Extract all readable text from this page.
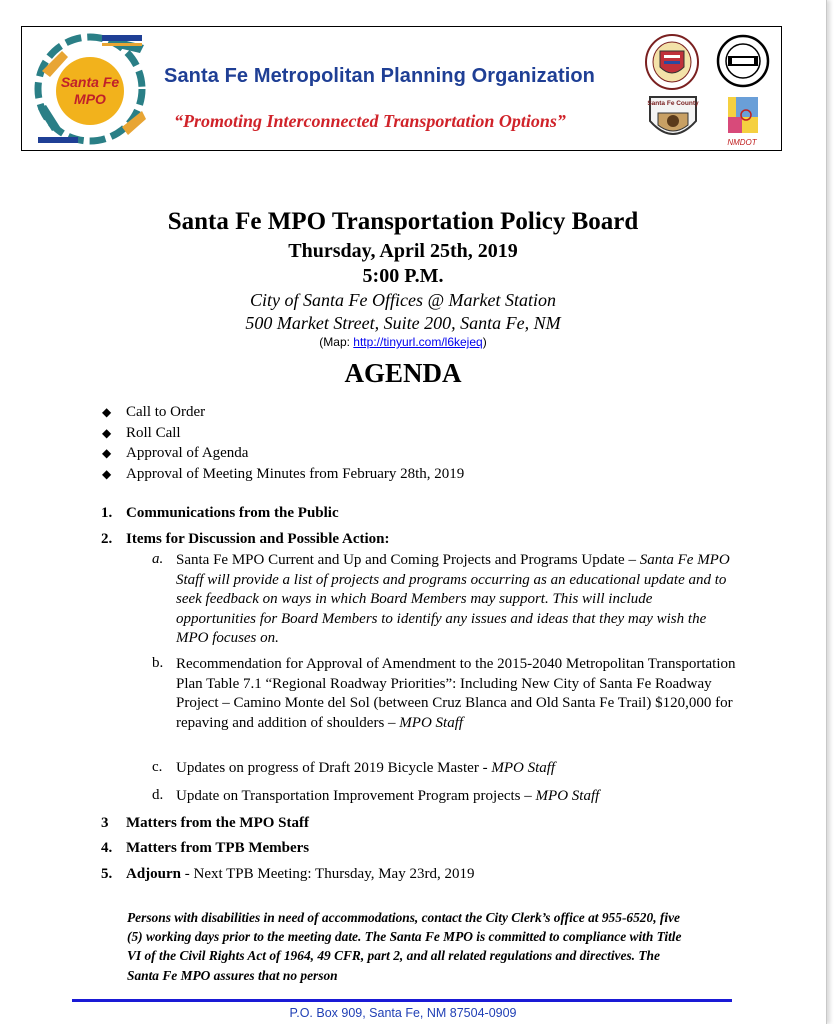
Santa Fe
MPO
Santa Fe Metropolitan Planning Organization
“Promoting Interconnected Transportation Options”
Santa Fe County
NMDOT
Santa Fe MPO Transportation Policy Board
Thursday, April 25th, 2019
5:00 P.M.
City of Santa Fe Offices @ Market Station
500 Market Street, Suite 200, Santa Fe, NM
(Map: http://tinyurl.com/l6kejeq)
AGENDA
◆ Call to Order
◆ Roll Call
◆ Approval of Agenda
◆ Approval of Meeting Minutes from February 28th, 2019
1. Communications from the Public
2. Items for Discussion and Possible Action:
a. Santa Fe MPO Current and Up and Coming Projects and Programs Update – Santa Fe MPO Staff will provide a list of projects and programs occurring as an educational update and to seek feedback on ways in which Board Members may support. This will include opportunities for Board Members to identify any issues and ideas that they may wish the MPO focuses on.
b. Recommendation for Approval of Amendment to the 2015-2040 Metropolitan Transportation Plan Table 7.1 “Regional Roadway Priorities”: Including New City of Santa Fe Roadway Project – Camino Monte del Sol (between Cruz Blanca and Old Santa Fe Trail) $120,000 for repaving and addition of shoulders – MPO Staff
c. Updates on progress of Draft 2019 Bicycle Master - MPO Staff
d. Update on Transportation Improvement Program projects – MPO Staff
3 Matters from the MPO Staff
4. Matters from TPB Members
5. Adjourn - Next TPB Meeting: Thursday, May 23rd, 2019
Persons with disabilities in need of accommodations, contact the City Clerk’s office at 955-6520, five (5) working days prior to the meeting date. The Santa Fe MPO is committed to compliance with Title VI of the Civil Rights Act of 1964, 49 CFR, part 2, and all related regulations and directives. The Santa Fe MPO assures that no person
P.O. Box 909, Santa Fe, NM 87504-0909
